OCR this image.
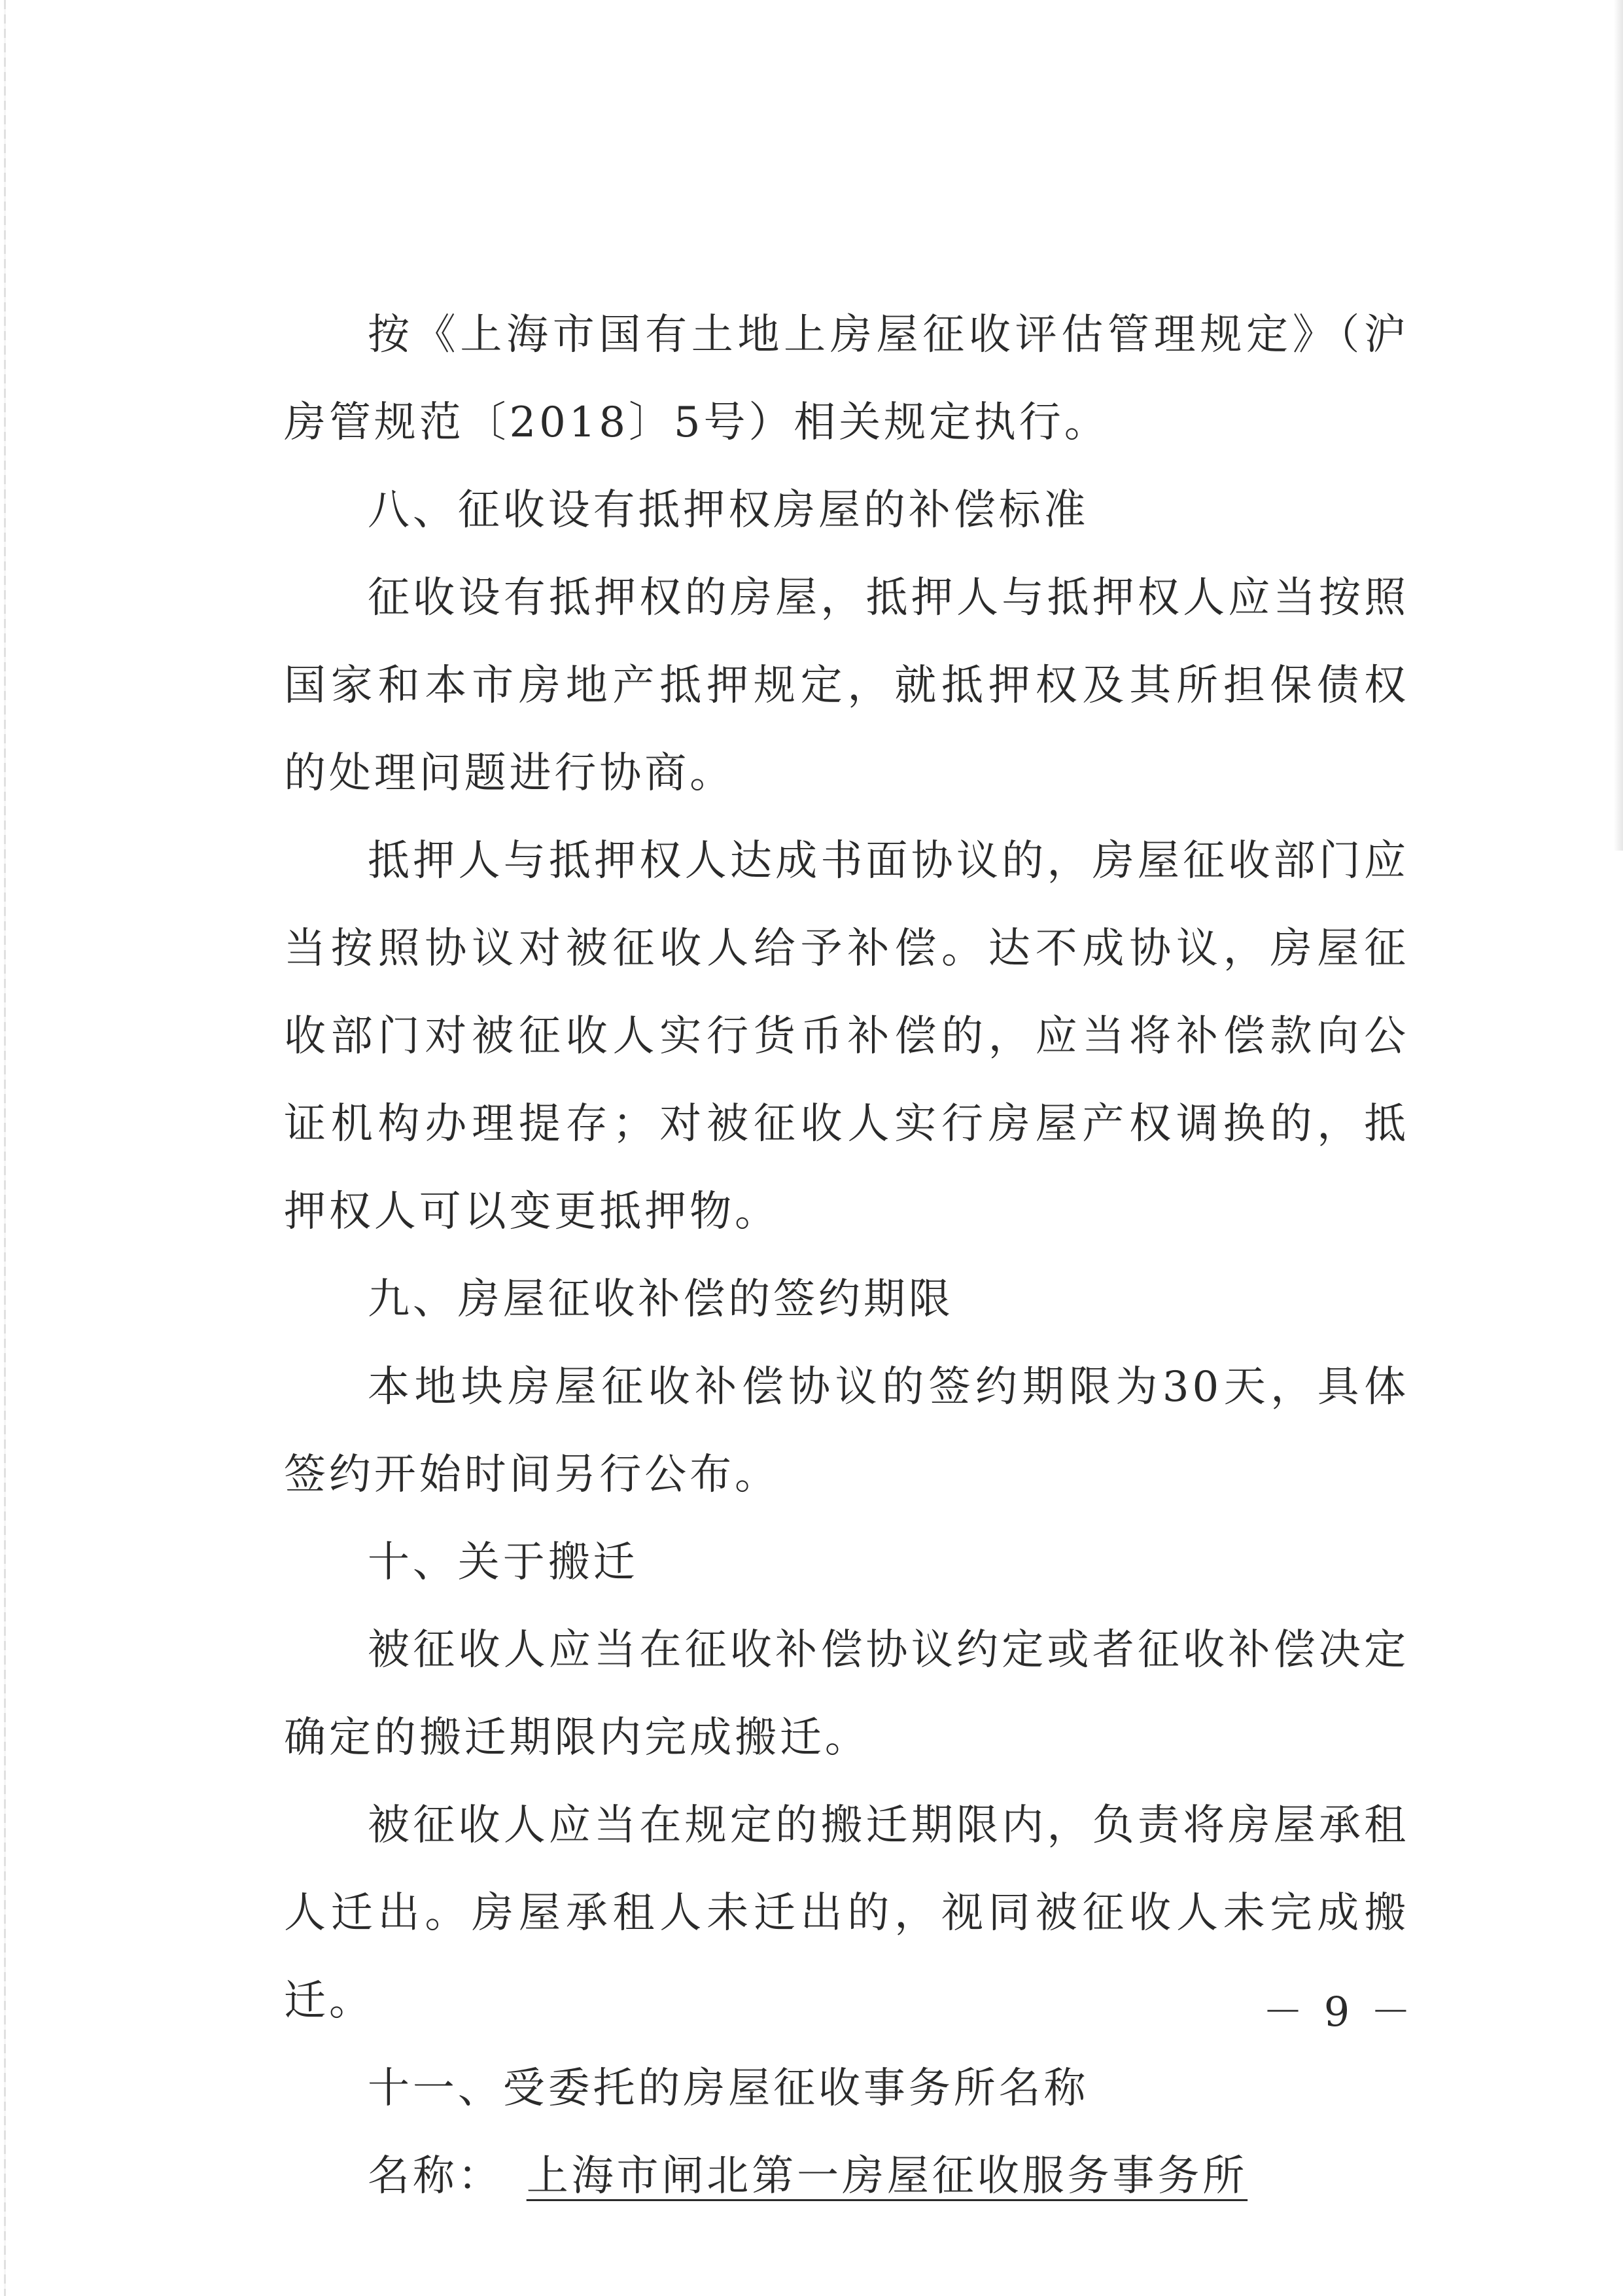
按《上海市国有土地上房屋征收评估管理规定》（沪房管规范〔2018〕5号）相关规定执行。

八、征收设有抵押权房屋的补偿标准

征收设有抵押权的房屋，抵押人与抵押权人应当按照国家和本市房地产抵押规定，就抵押权及其所担保债权的处理问题进行协商。

抵押人与抵押权人达成书面协议的，房屋征收部门应当按照协议对被征收人给予补偿。达不成协议，房屋征收部门对被征收人实行货币补偿的，应当将补偿款向公证机构办理提存；对被征收人实行房屋产权调换的，抵押权人可以变更抵押物。

九、房屋征收补偿的签约期限

本地块房屋征收补偿协议的签约期限为30天，具体签约开始时间另行公布。

十、关于搬迁

被征收人应当在征收补偿协议约定或者征收补偿决定确定的搬迁期限内完成搬迁。

被征收人应当在规定的搬迁期限内，负责将房屋承租人迁出。房屋承租人未迁出的，视同被征收人未完成搬迁。

十一、受委托的房屋征收事务所名称

名称： 上海市闸北第一房屋征收服务事务所

－ 9 －
